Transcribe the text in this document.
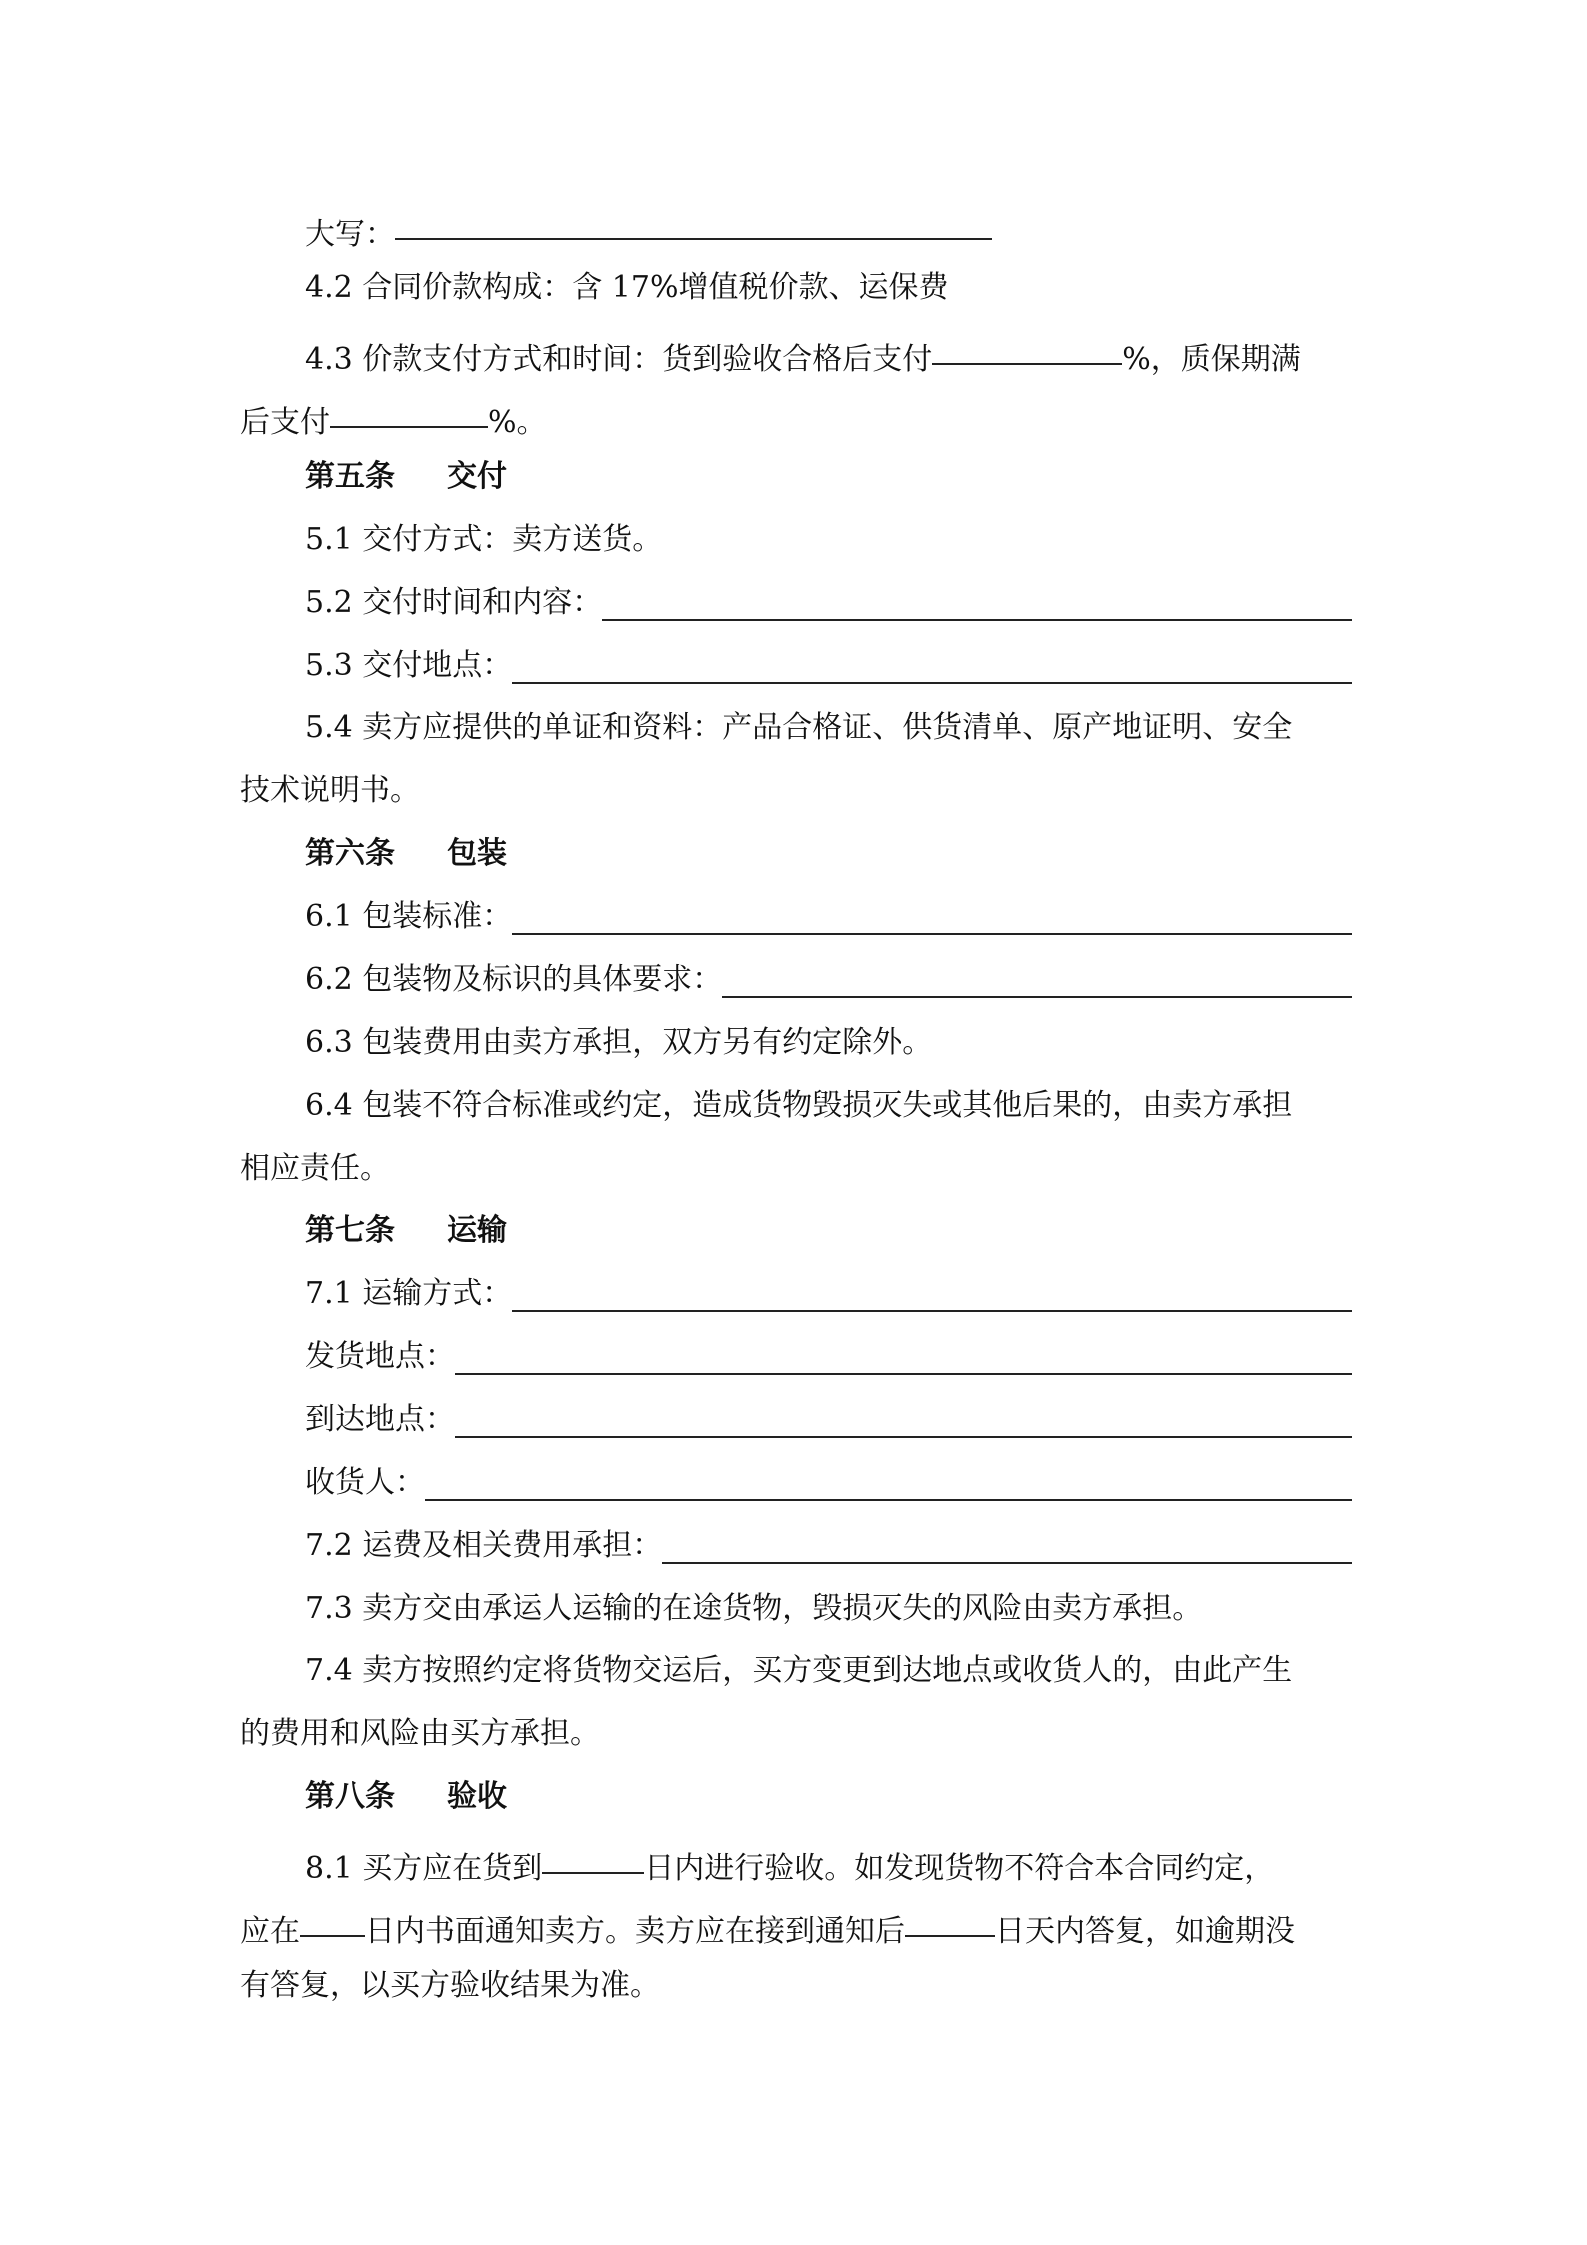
大写：
4.2 合同价款构成：含 17%增值税价款、运保费
4.3 价款支付方式和时间：货到验收合格后支付	%，质保期满
后支付	%。
第五条 交付
5.1 交付方式：卖方送货。
5.2 交付时间和内容：
5.3 交付地点：
5.4 卖方应提供的单证和资料：产品合格证、供货清单、原产地证明、安全
技术说明书。
第六条 包装
6.1 包装标准：
6.2 包装物及标识的具体要求：
6.3 包装费用由卖方承担，双方另有约定除外。
6.4 包装不符合标准或约定，造成货物毁损灭失或其他后果的，由卖方承担
相应责任。
第七条 运输
7.1 运输方式：
发货地点：
到达地点：
收货人：
7.2 运费及相关费用承担：
7.3 卖方交由承运人运输的在途货物，毁损灭失的风险由卖方承担。
7.4 卖方按照约定将货物交运后，买方变更到达地点或收货人的，由此产生
的费用和风险由买方承担。
第八条 验收
8.1 买方应在货到	日内进行验收。如发现货物不符合本合同约定，
应在 日内书面通知卖方。卖方应在接到通知后	日天内答复，如逾期没
有答复，以买方验收结果为准。
